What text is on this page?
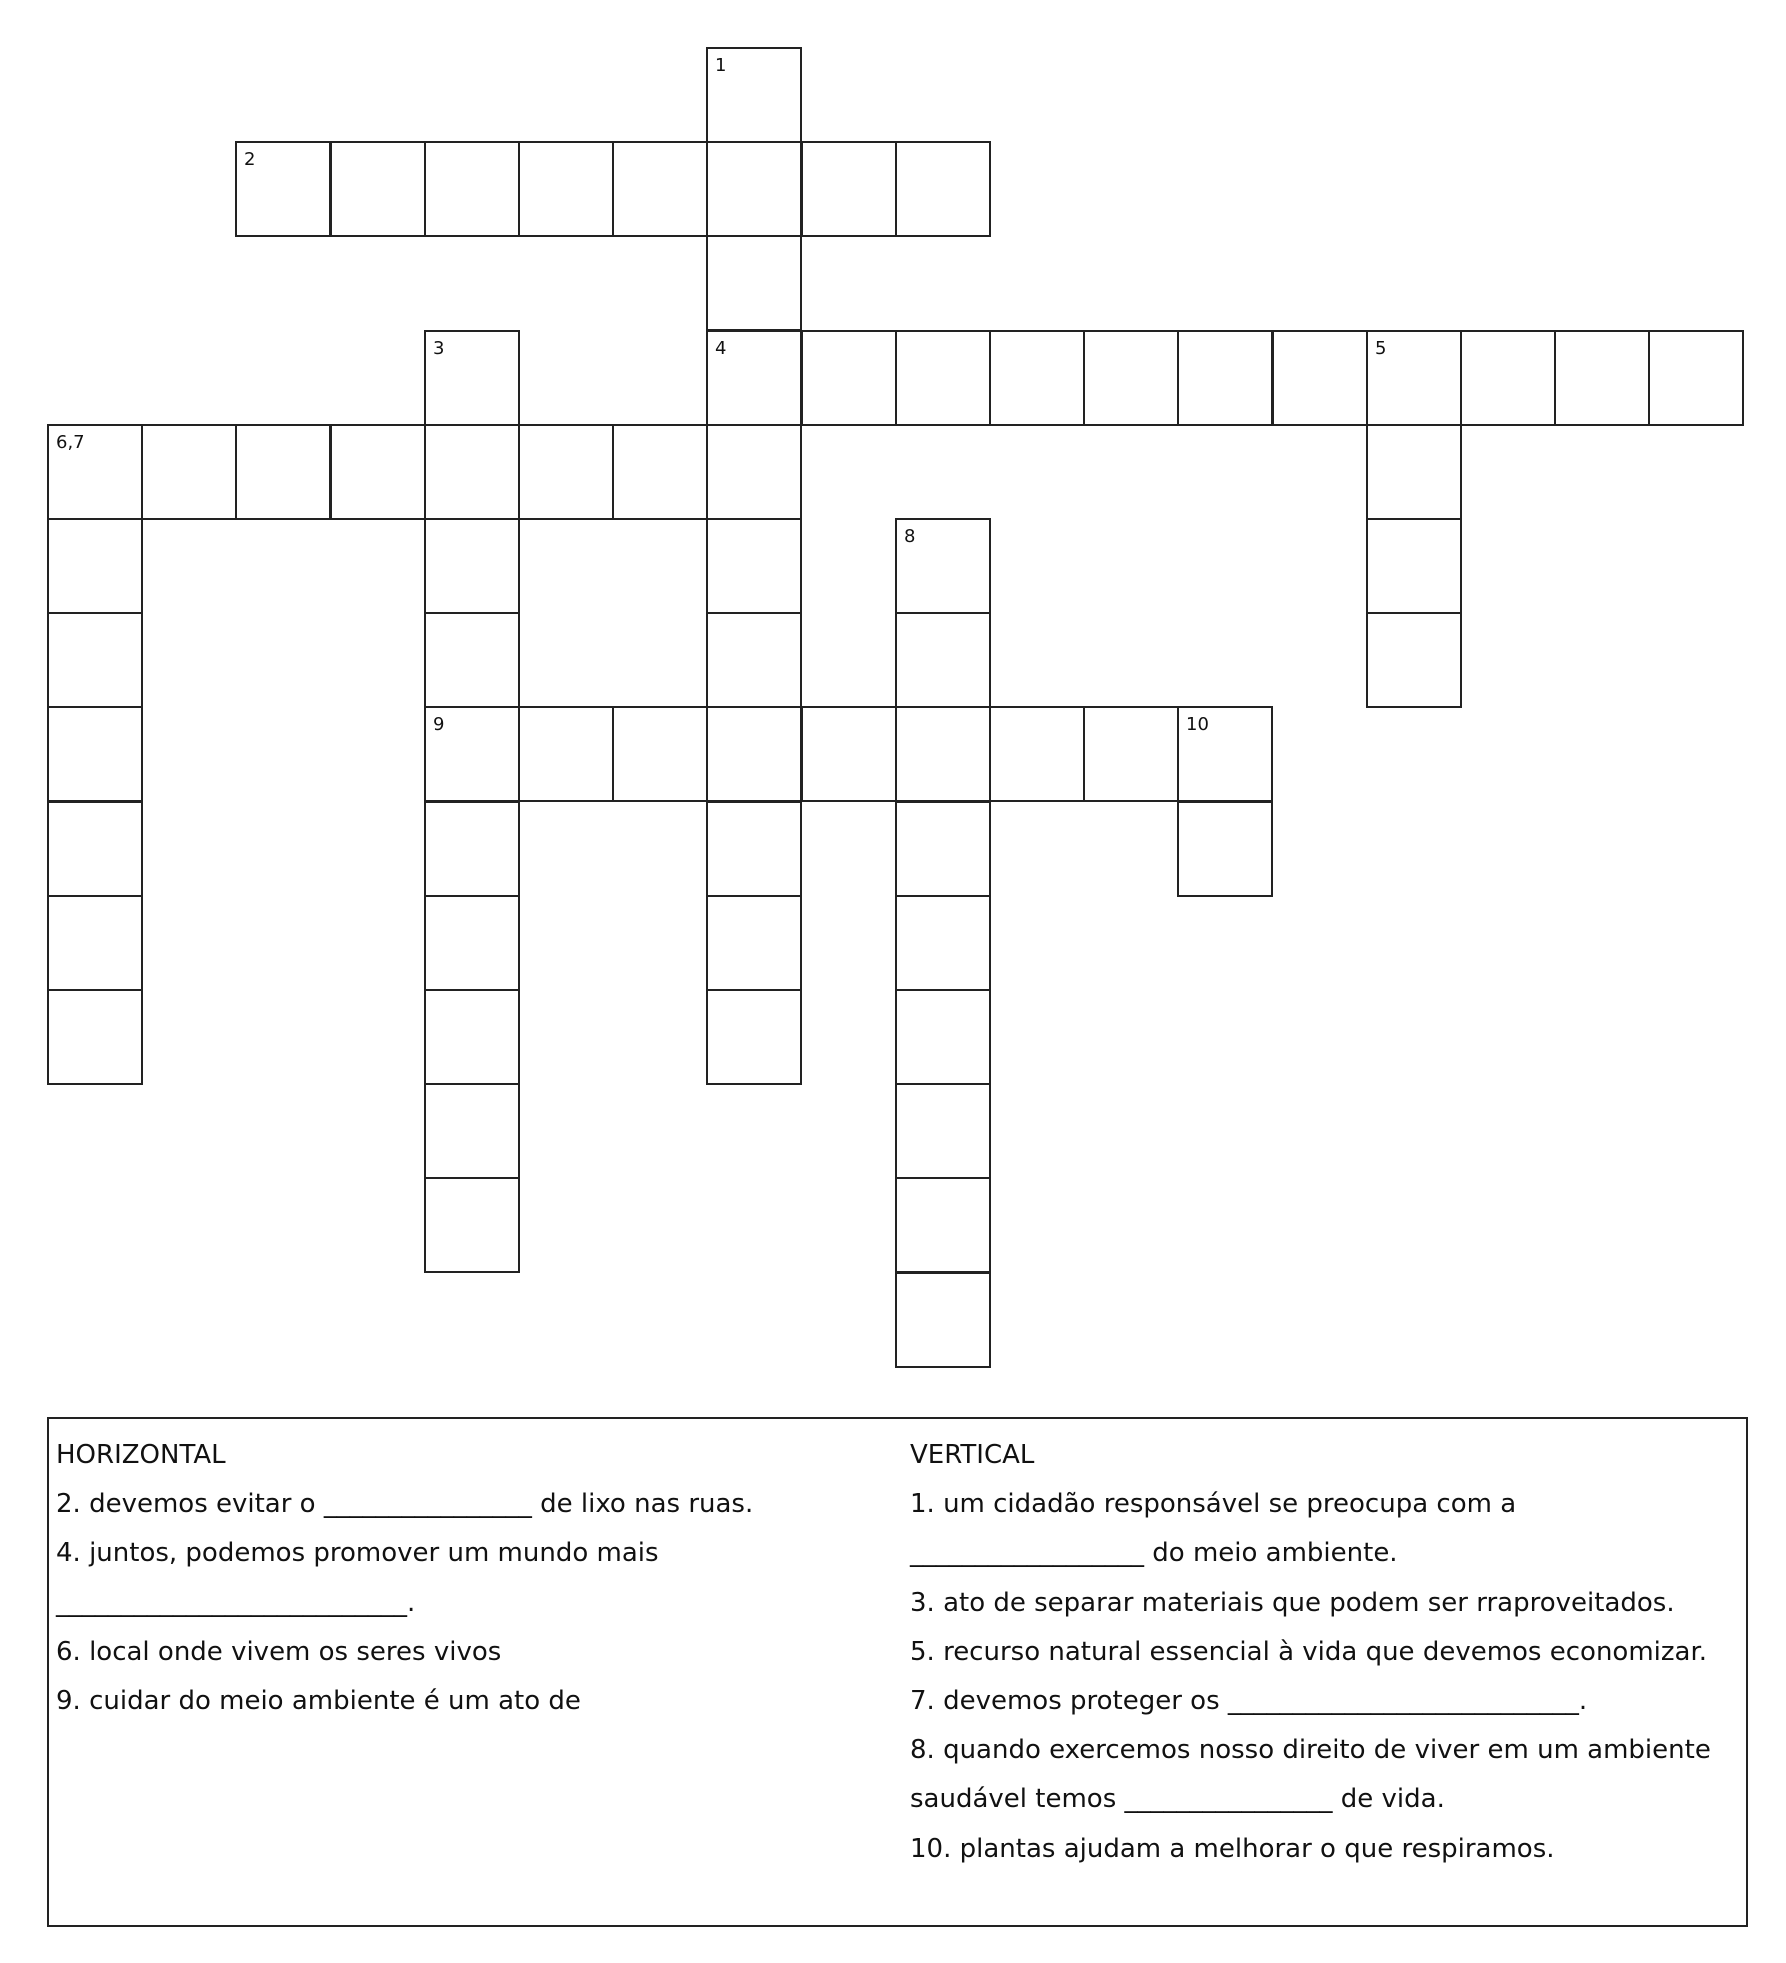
1
4
2
3
9
5
6,7
8
10
HORIZONTAL
2. devemos evitar o ________________ de lixo nas ruas.
4. juntos, podemos promover um mundo mais
___________________________.
6. local onde vivem os seres vivos
9. cuidar do meio ambiente é um ato de
VERTICAL
1. um cidadão responsável se preocupa com a
__________________ do meio ambiente.
3. ato de separar materiais que podem ser rraproveitados.
5. recurso natural essencial à vida que devemos economizar.
7. devemos proteger os ___________________________.
8. quando exercemos nosso direito de viver em um ambiente
saudável temos ________________ de vida.
10. plantas ajudam a melhorar o que respiramos.
